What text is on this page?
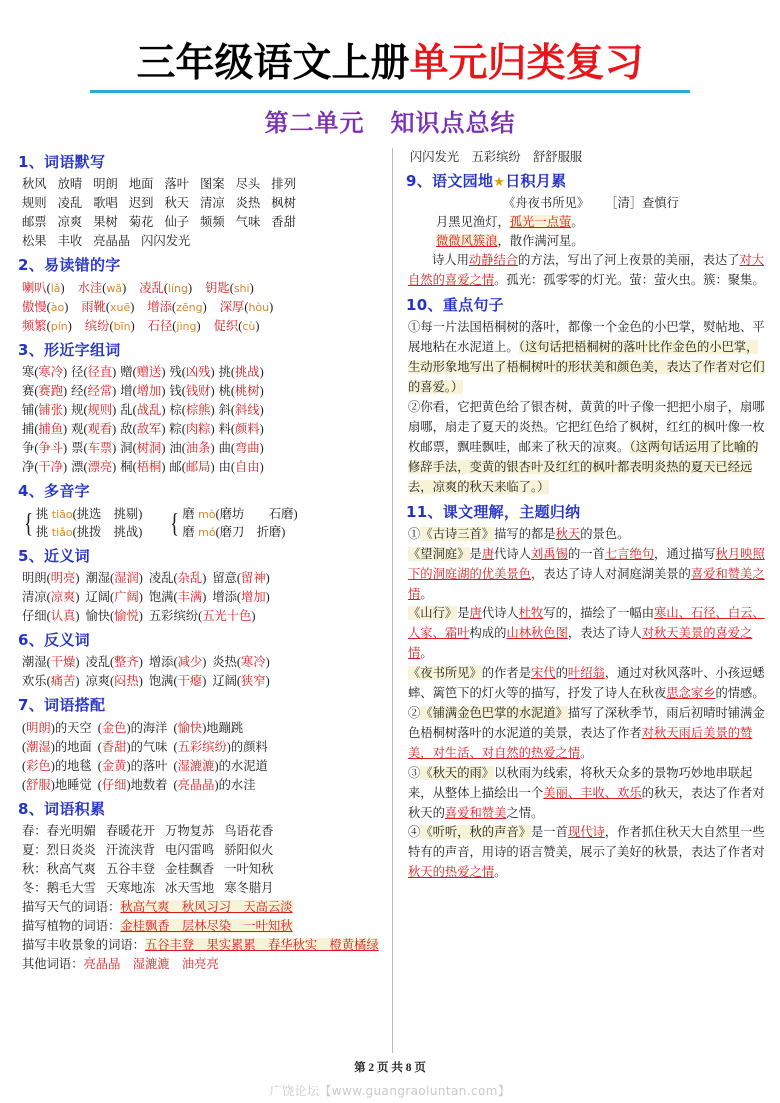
三年级语文上册单元归类复习
第二单元 知识点总结
1、词语默写
秋风 放晴 明朗 地面 落叶 图案 尽头 排列
规则 凌乱 歌唱 迟到 秋天 清凉 炎热 枫树
邮票 凉爽 果树 菊花 仙子 频频 气味 香甜
松果 丰收 亮晶晶 闪闪发光
2、易读错的字
喇叭(lǎ) 水洼(wā) 凌乱(líng) 钥匙(shi)
傲慢(ào) 雨靴(xuē) 增添(zēng) 深厚(hòu)
频繁(pín) 缤纷(bīn) 石径(jìng) 促织(cù)
3、形近字组词
寒(寒冷) 径(径直) 赠(赠送) 残(凶残) 挑(挑战)
赛(赛跑) 经(经常) 增(增加) 钱(钱财) 桃(桃树)
铺(铺张) 规(规则) 乱(战乱) 棕(棕熊) 斜(斜线)
捕(捕鱼) 观(观看) 敌(敌军) 粽(肉粽) 料(颜料)
争(争斗) 票(车票) 洞(树洞) 油(油条) 曲(弯曲)
净(干净) 漂(漂亮) 桐(梧桐) 邮(邮局) 由(自由)
4、多音字
{ 挑 tiāo(挑选　挑剔)
挑 tiǎo(挑拨　挑战) { 磨 mò(磨坊　　石磨)
磨 mó(磨刀　折磨)
5、近义词
明朗(明亮) 潮湿(湿润) 凌乱(杂乱) 留意(留神)
清凉(凉爽) 辽阔(广阔) 饱满(丰满) 增添(增加)
仔细(认真) 愉快(愉悦) 五彩缤纷(五光十色)
6、反义词
潮湿(干燥) 凌乱(整齐) 增添(减少) 炎热(寒冷)
欢乐(痛苦) 凉爽(闷热) 饱满(干瘪) 辽阔(狭窄)
7、词语搭配
(明朗)的天空 (金色)的海洋 (愉快)地蹦跳
(潮湿)的地面 (香甜)的气味 (五彩缤纷)的颜料
(彩色)的地毯 (金黄)的落叶 (湿漉漉)的水泥道
(舒服)地睡觉 (仔细)地数着 (亮晶晶)的水洼
8、词语积累
春：春光明媚 春暖花开 万物复苏 鸟语花香
夏：烈日炎炎 汗流浃背 电闪雷鸣 骄阳似火
秋：秋高气爽 五谷丰登 金桂飘香 一叶知秋
冬：鹅毛大雪 天寒地冻 冰天雪地 寒冬腊月
描写天气的词语：秋高气爽　秋风习习　天高云淡
描写植物的词语：金桂飘香　层林尽染　一叶知秋
描写丰收景象的词语：五谷丰登　果实累累　春华秋实　橙黄橘绿
其他词语：亮晶晶　湿漉漉　油亮亮
闪闪发光　五彩缤纷　舒舒服服
9、语文园地★日积月累
《舟夜书所见》 ［清］查慎行
月黑见渔灯，孤光一点萤。
微微风簇浪，散作满河星。
诗人用动静结合的方法，写出了河上夜景的美丽，表达了对大自然的喜爱之情。孤光：孤零零的灯光。萤：萤火虫。簇：聚集。
10、重点句子
①每一片法国梧桐树的落叶，都像一个金色的小巴掌，熨帖地、平展地粘在水泥道上。（这句话把梧桐树的落叶比作金色的小巴掌，生动形象地写出了梧桐树叶的形状美和颜色美，表达了作者对它们的喜爱。）
②你看，它把黄色给了银杏树，黄黄的叶子像一把把小扇子，扇哪扇哪，扇走了夏天的炎热。它把红色给了枫树，红红的枫叶像一枚枚邮票，飘哇飘哇，邮来了秋天的凉爽。（这两句话运用了比喻的修辞手法，变黄的银杏叶及红红的枫叶都表明炎热的夏天已经远去，凉爽的秋天来临了。）
11、课文理解，主题归纳
①《古诗三首》描写的都是秋天的景色。
《望洞庭》是唐代诗人刘禹锡的一首七言绝句，通过描写秋月映照下的洞庭湖的优美景色，表达了诗人对洞庭湖美景的喜爱和赞美之情。
《山行》是唐代诗人杜牧写的，描绘了一幅由寒山、石径、白云、人家、霜叶构成的山林秋色图，表达了诗人对秋天美景的喜爱之情。
《夜书所见》的作者是宋代的叶绍翁，通过对秋风落叶、小孩逗蟋蟀、篱笆下的灯火等的描写，抒发了诗人在秋夜思念家乡的情感。
②《铺满金色巴掌的水泥道》描写了深秋季节，雨后初晴时铺满金色梧桐树落叶的水泥道的美景，表达了作者对秋天雨后美景的赞美，对生活、对自然的热爱之情。
③《秋天的雨》以秋雨为线索，将秋天众多的景物巧妙地串联起来，从整体上描绘出一个美丽、丰收、欢乐的秋天，表达了作者对秋天的喜爱和赞美之情。
④《听听，秋的声音》是一首现代诗，作者抓住秋天大自然里一些特有的声音，用诗的语言赞美，展示了美好的秋景，表达了作者对秋天的热爱之情。
第 2 页 共 8 页
广饶论坛【www.guangraoluntan.com】
